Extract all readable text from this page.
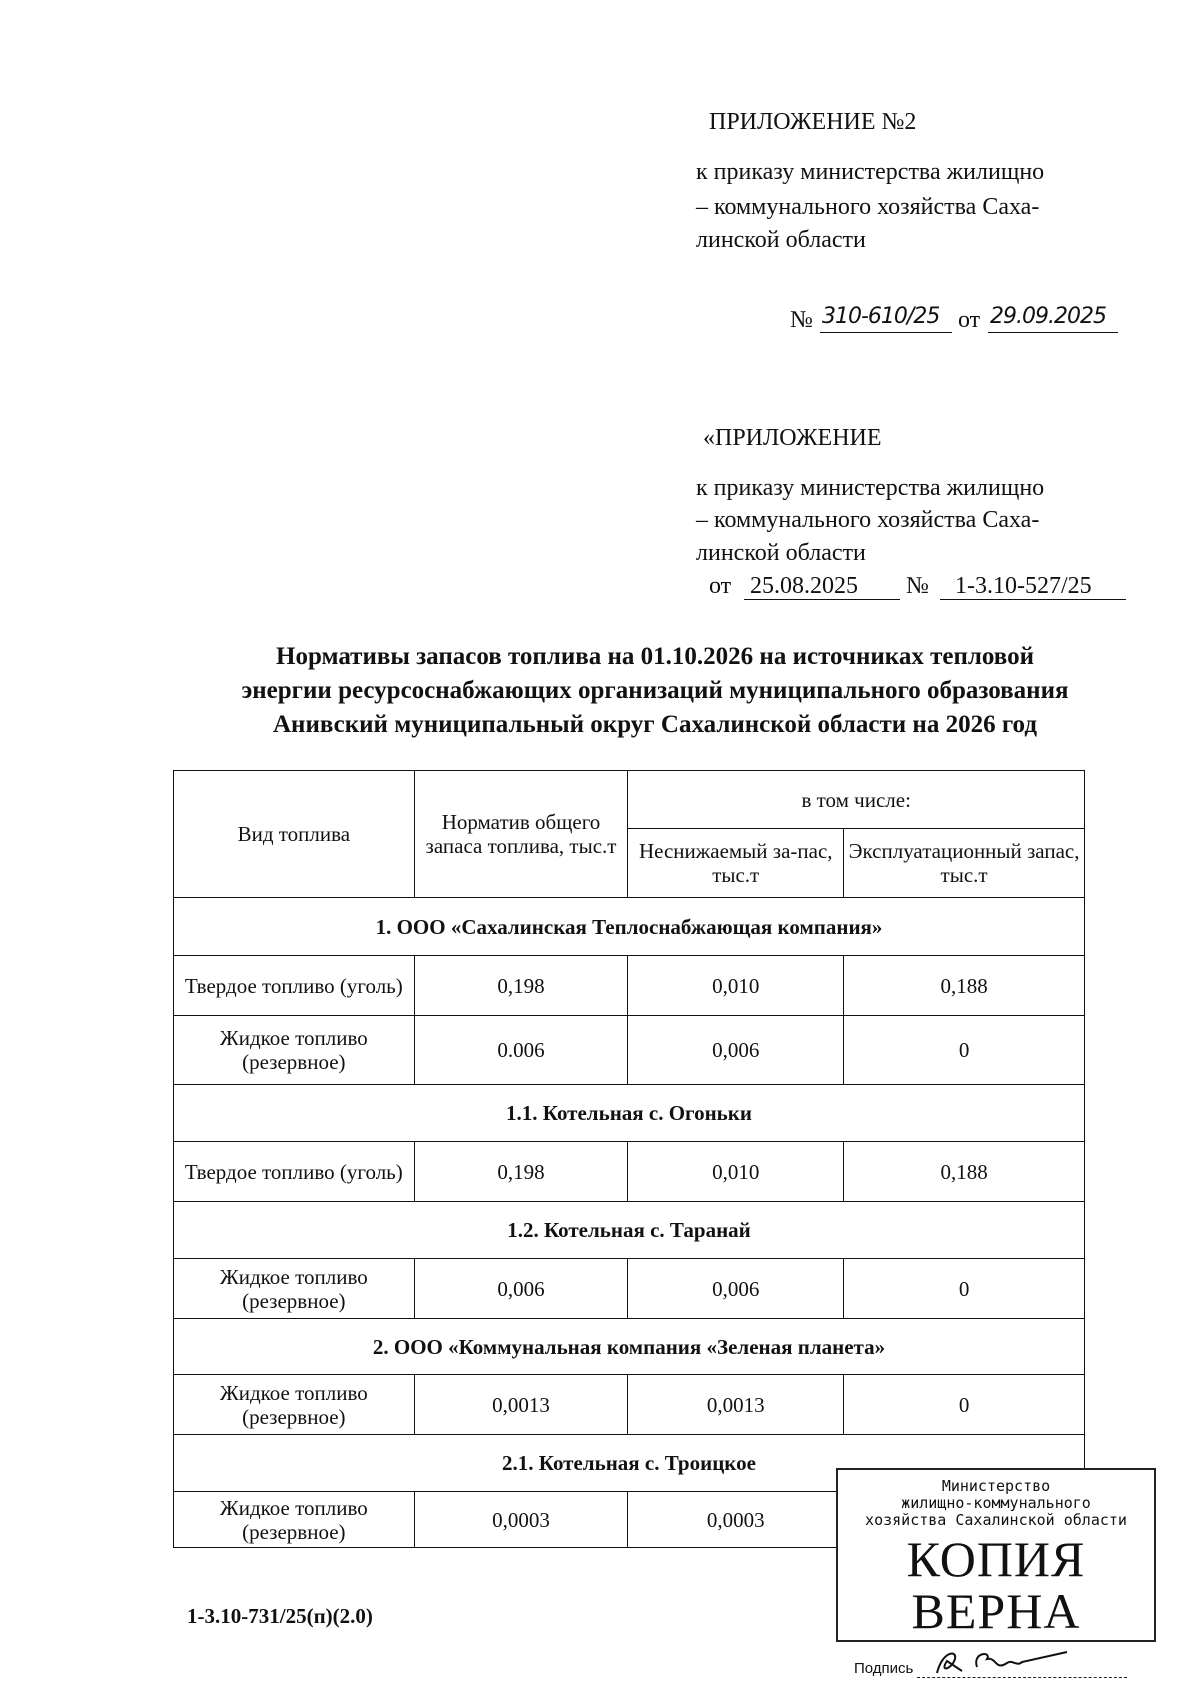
ПРИЛОЖЕНИЕ №2
к приказу министерства жилищно
– коммунального хозяйства Саха-
линской области
№ 310-610/25 от 29.09.2025
«ПРИЛОЖЕНИЕ
к приказу министерства жилищно
– коммунального хозяйства Саха-
линской области
от 25.08.2025 № 1-3.10-527/25
Нормативы запасов топлива на 01.10.2026 на источниках тепловой
энергии ресурсоснабжающих организаций муниципального образования
Анивский муниципальный округ Сахалинской области на 2026 год
Вид топлива	Норматив общего запаса топлива, тыс.т	в том числе:	
		Неснижаемый за-пас, тыс.т	Эксплуатационный запас, тыс.т
1. ООО «Сахалинская Теплоснабжающая компания»			
Твердое топливо (уголь)	0,198	0,010	0,188
Жидкое топливо (резервное)	0.006	0,006	0
1.1. Котельная с. Огоньки			
Твердое топливо (уголь)	0,198	0,010	0,188
1.2. Котельная с. Таранай			
Жидкое топливо (резервное)	0,006	0,006	0
2. ООО «Коммунальная компания «Зеленая планета»			
Жидкое топливо (резервное)	0,0013	0,0013	0
2.1. Котельная с. Троицкое			
Жидкое топливо (резервное)	0,0003	0,0003	
1-3.10-731/25(п)(2.0)
Министерство
жилищно-коммунального
хозяйства Сахалинской области
КОПИЯ ВЕРНА
Подпись
